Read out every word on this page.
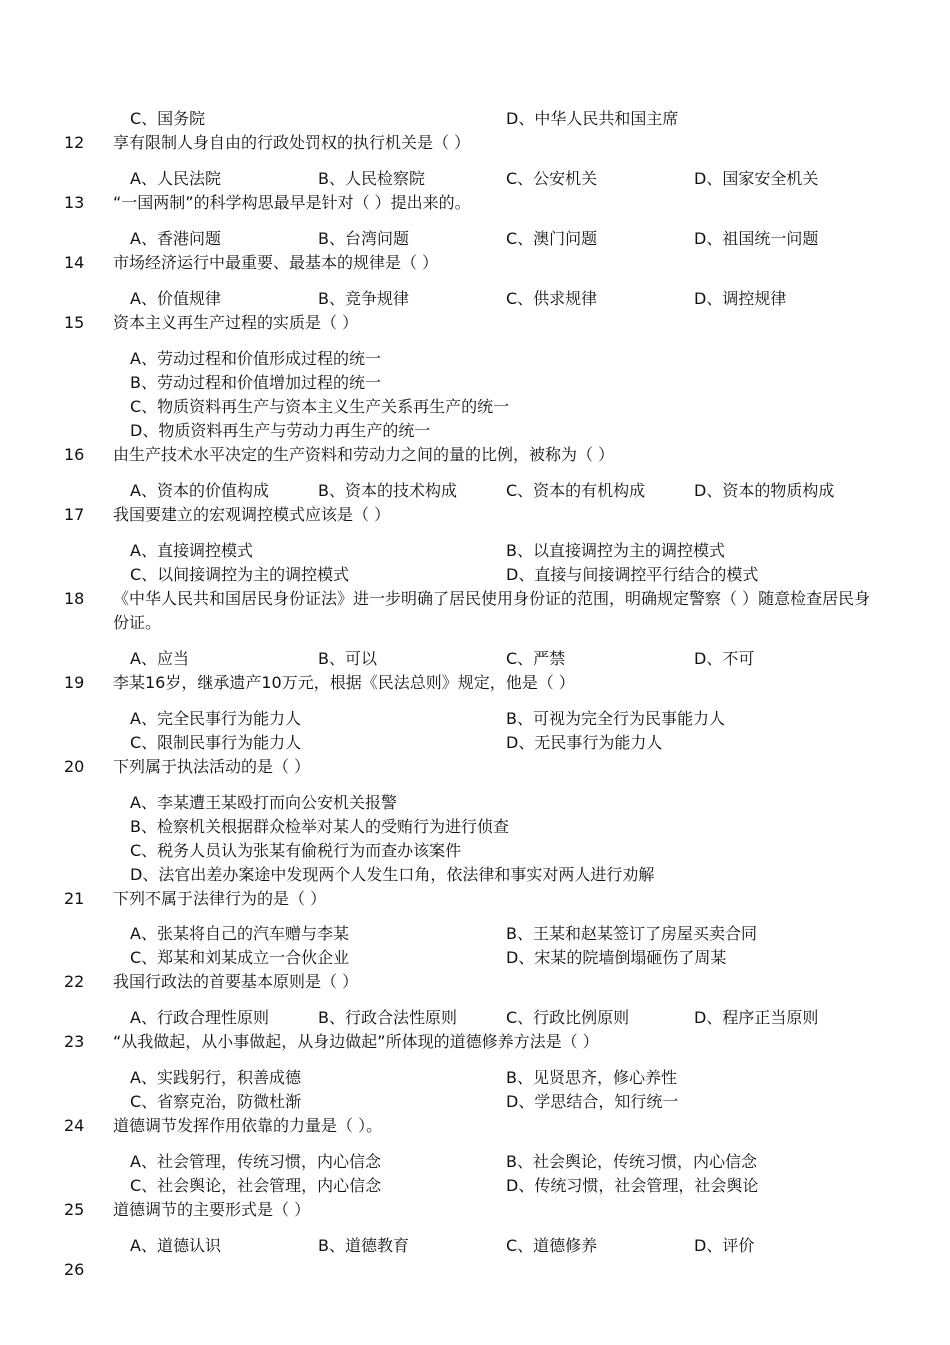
C、国务院	D、中华人民共和国主席
12 享有限制人身自由的行政处罚权的执行机关是（ ）
A、人民法院	B、人民检察院	C、公安机关	D、国家安全机关
13 “一国两制”的科学构思最早是针对（ ）提出来的。
A、香港问题	B、台湾问题	C、澳门问题	D、祖国统一问题
14 市场经济运行中最重要、最基本的规律是（ ）
A、价值规律	B、竞争规律	C、供求规律	D、调控规律
15 资本主义再生产过程的实质是（ ）
A、劳动过程和价值形成过程的统一
B、劳动过程和价值增加过程的统一
C、物质资料再生产与资本主义生产关系再生产的统一
D、物质资料再生产与劳动力再生产的统一
16 由生产技术水平决定的生产资料和劳动力之间的量的比例，被称为（ ）
A、资本的价值构成	B、资本的技术构成	C、资本的有机构成	D、资本的物质构成
17 我国要建立的宏观调控模式应该是（ ）
A、直接调控模式	B、以直接调控为主的调控模式
C、以间接调控为主的调控模式	D、直接与间接调控平行结合的模式
18 《中华人民共和国居民身份证法》进一步明确了居民使用身份证的范围，明确规定警察（ ）随意检查居民身份证。
A、应当	B、可以	C、严禁	D、不可
19 李某16岁，继承遗产10万元，根据《民法总则》规定，他是（ ）
A、完全民事行为能力人	B、可视为完全行为民事能力人
C、限制民事行为能力人	D、无民事行为能力人
20 下列属于执法活动的是（ ）
A、李某遭王某殴打而向公安机关报警
B、检察机关根据群众检举对某人的受贿行为进行侦查
C、税务人员认为张某有偷税行为而查办该案件
D、法官出差办案途中发现两个人发生口角，依法律和事实对两人进行劝解
21 下列不属于法律行为的是（ ）
A、张某将自己的汽车赠与李某	B、王某和赵某签订了房屋买卖合同
C、郑某和刘某成立一合伙企业	D、宋某的院墙倒塌砸伤了周某
22 我国行政法的首要基本原则是（ ）
A、行政合理性原则	B、行政合法性原则	C、行政比例原则	D、程序正当原则
23 “从我做起，从小事做起，从身边做起”所体现的道德修养方法是（ ）
A、实践躬行，积善成德	B、见贤思齐，修心养性
C、省察克治，防微杜渐	D、学思结合，知行统一
24 道德调节发挥作用依靠的力量是（ ）。
A、社会管理，传统习惯，内心信念	B、社会舆论，传统习惯，内心信念
C、社会舆论，社会管理，内心信念	D、传统习惯，社会管理，社会舆论
25 道德调节的主要形式是（ ）
A、道德认识	B、道德教育	C、道德修养	D、评价
26
